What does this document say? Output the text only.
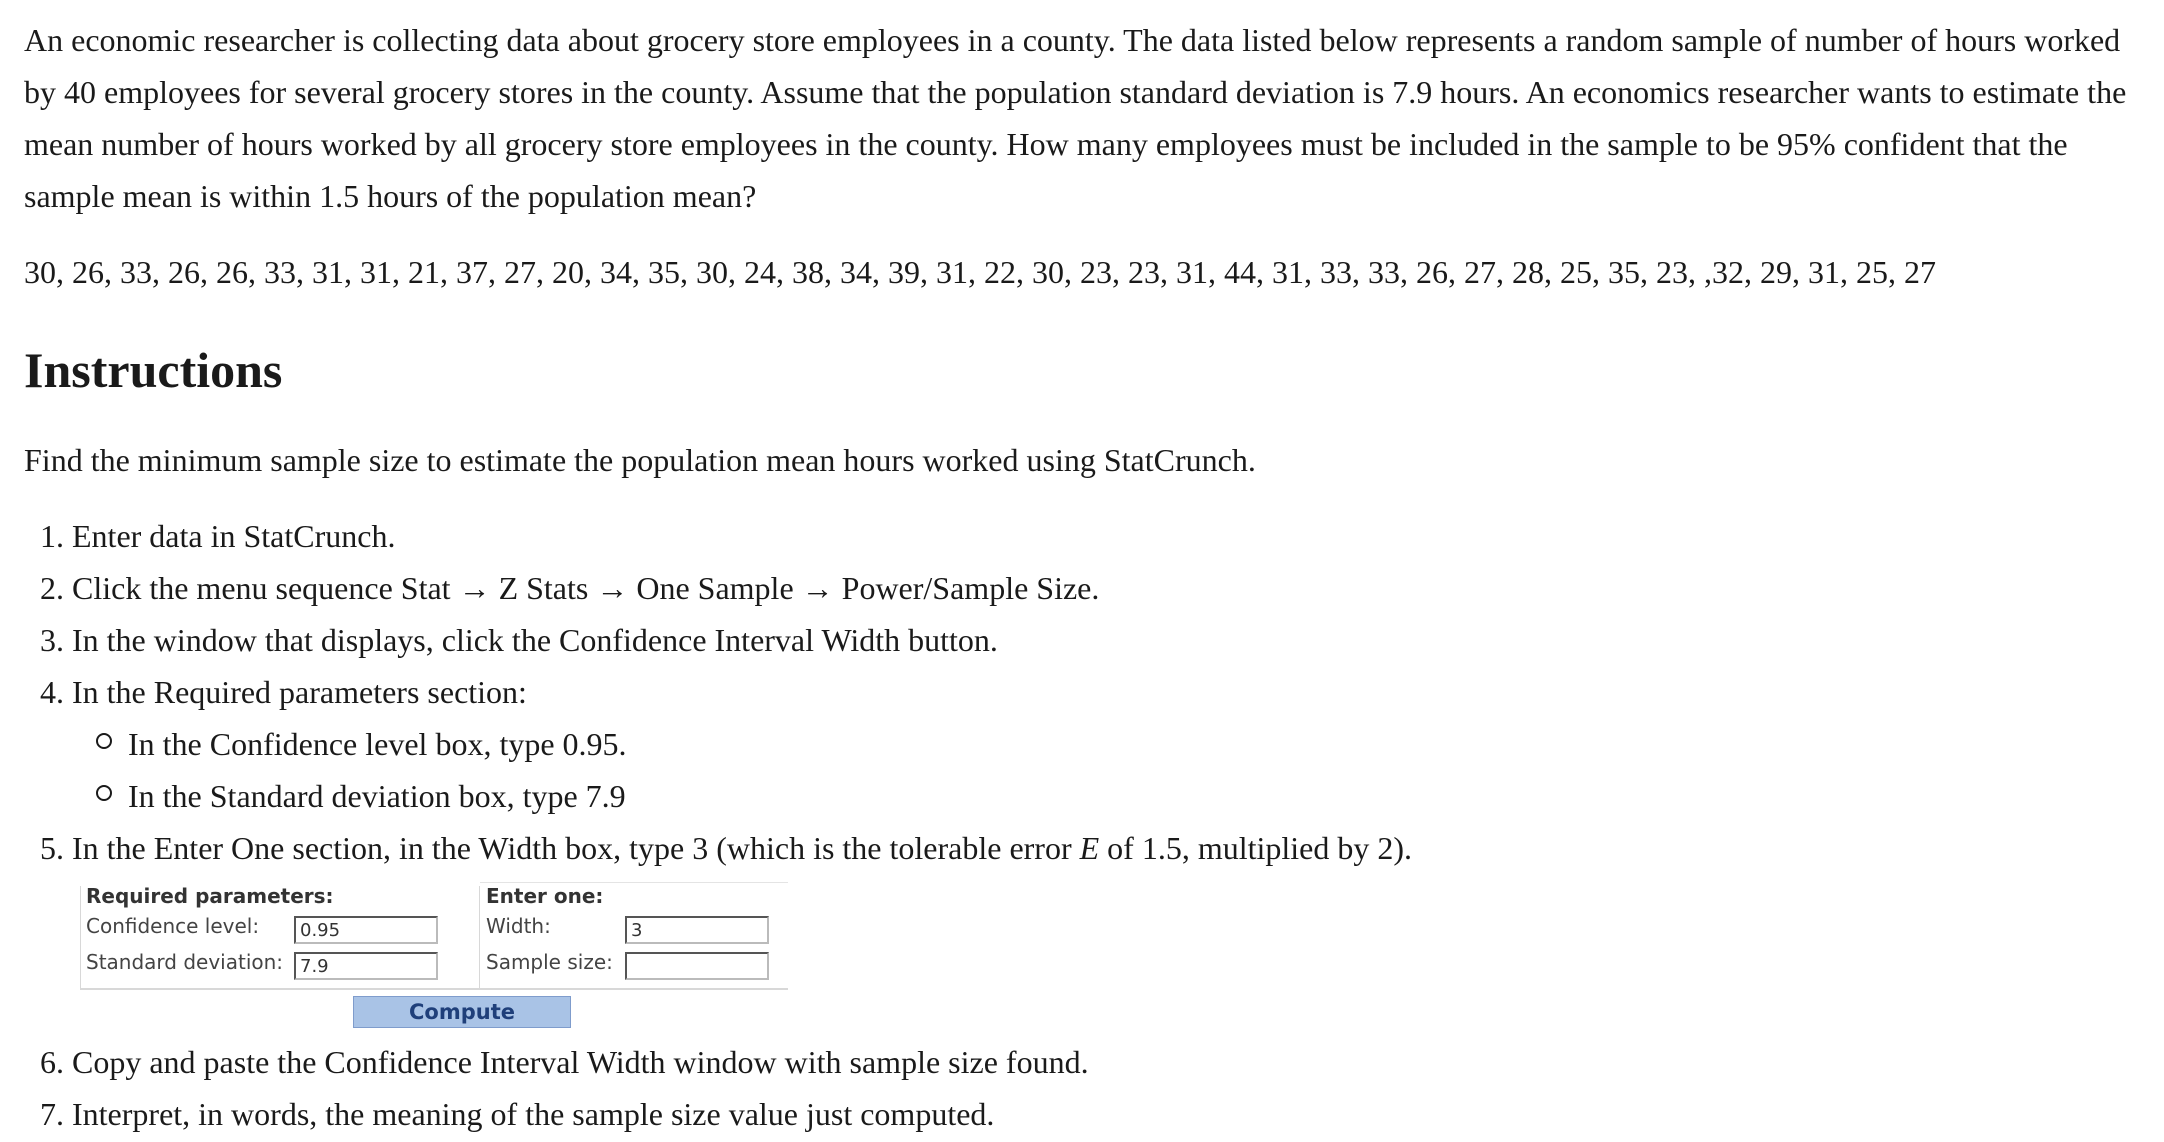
An economic researcher is collecting data about grocery store employees in a county. The data listed below represents a random sample of number of hours worked by 40 employees for several grocery stores in the county. Assume that the population standard deviation is 7.9 hours. An economics researcher wants to estimate the mean number of hours worked by all grocery store employees in the county. How many employees must be included in the sample to be 95% confident that the sample mean is within 1.5 hours of the population mean?

30, 26, 33, 26, 26, 33, 31, 31, 21, 37, 27, 20, 34, 35, 30, 24, 38, 34, 39, 31, 22, 30, 23, 23, 31, 44, 31, 33, 33, 26, 27, 28, 25, 35, 23, ,32, 29, 31, 25, 27

Instructions

Find the minimum sample size to estimate the population mean hours worked using StatCrunch.

1. Enter data in StatCrunch.
2. Click the menu sequence Stat → Z Stats → One Sample → Power/Sample Size.
3. In the window that displays, click the Confidence Interval Width button.
4. In the Required parameters section:
In the Confidence level box, type 0.95.
In the Standard deviation box, type 7.9
5. In the Enter One section, in the Width box, type 3 (which is the tolerable error E of 1.5, multiplied by 2).
Required parameters:
Confidence level:	0.95
Standard deviation: 7.9
Enter one:
Width:	3
Sample size:
Compute
6. Copy and paste the Confidence Interval Width window with sample size found.
7. Interpret, in words, the meaning of the sample size value just computed.
